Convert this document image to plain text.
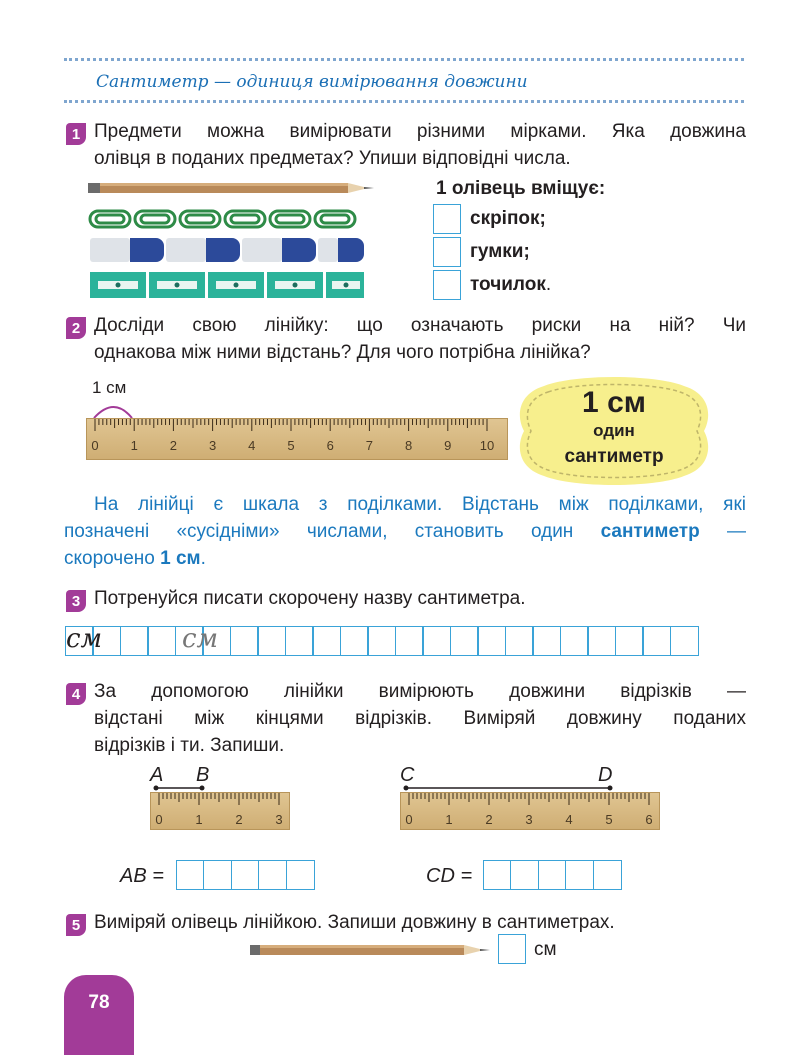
Сантиметр — одиниця вимірювання довжини
1 Предмети можна вимірювати різними мірками. Яка довжина
олівця в поданих предметах? Упиши відповідні числа.
1 олівець вміщує:
скріпок;
гумки;
точилок.
2 Досліди свою лінійку: що означають риски на ній? Чи
однакова між ними відстань? Для чого потрібна лінійка?
1 см
0 1 2 3 4 5 6 7 8 9 10
1 см
один
сантиметр
На лінійці є шкала з поділками. Відстань між поділками, які
позначені «сусідніми» числами, становить один сантиметр —
скорочено 1 см.
3 Потренуйся писати скорочену назву сантиметра.
см	см
4 За допомогою лінійки вимірюють довжини відрізків —
відстані між кінцями відрізків. Виміряй довжину поданих
відрізків і ти. Запиши.
A B
0	1	2	3
C	D
0	1	2	3	4	5	6
AB =	CD =
5 Виміряй олівець лінійкою. Запиши довжину в сантиметрах.
см
78
